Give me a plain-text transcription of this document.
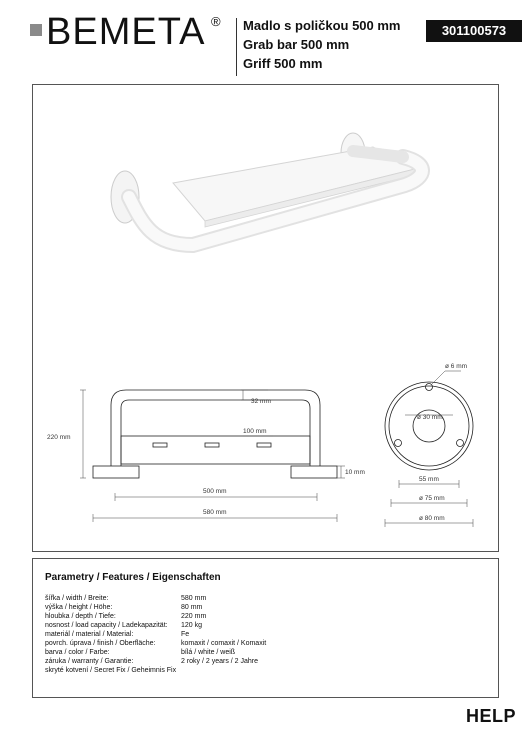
BEMETA ® Madlo s poličkou 500 mm
Grab bar 500 mm
Griff 500 mm
301100573
220 mm
32 mm
100 mm
10 mm
500 mm
580 mm
ø 6 mm
ø 30 mm
55 mm
ø 75 mm
ø 80 mm
Parametry / Features / Eigenschaften
šířka / width / Breite:	580 mm
výška / height / Höhe:	80 mm
hloubka / depth / Tiefe:	220 mm
nosnost / load capacity / Ladekapazität: 120 kg
materiál / material / Material:	Fe
povrch. úprava / finish / Oberfläche:	komaxit / comaxit / Komaxit
barva / color / Farbe:	bílá / white / weiß
záruka / warranty / Garantie:	2 roky / 2 years / 2 Jahre
skryté kotvení / Secret Fix / Geheimnis Fix
HELP
